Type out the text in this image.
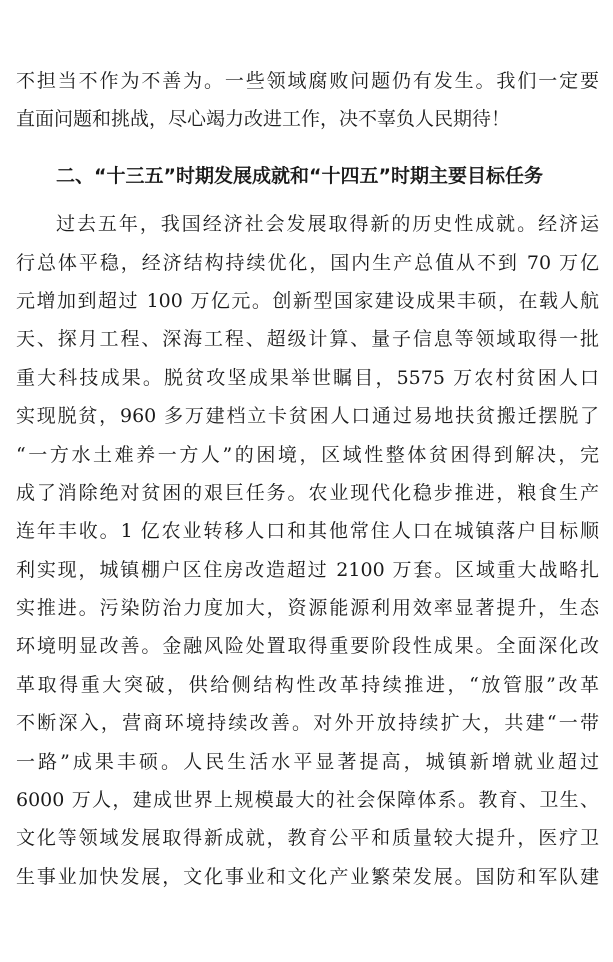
不担当不作为不善为。一些领域腐败问题仍有发生。我们一定要
直面问题和挑战，尽心竭力改进工作，决不辜负人民期待！
二、“十三五”时期发展成就和“十四五”时期主要目标任务
过去五年，我国经济社会发展取得新的历史性成就。经济运
行总体平稳，经济结构持续优化，国内生产总值从不到 70 万亿
元增加到超过 100 万亿元。创新型国家建设成果丰硕，在载人航
天、探月工程、深海工程、超级计算、量子信息等领域取得一批
重大科技成果。脱贫攻坚成果举世瞩目，5575 万农村贫困人口
实现脱贫，960 多万建档立卡贫困人口通过易地扶贫搬迁摆脱了
“一方水土难养一方人”的困境，区域性整体贫困得到解决，完
成了消除绝对贫困的艰巨任务。农业现代化稳步推进，粮食生产
连年丰收。1 亿农业转移人口和其他常住人口在城镇落户目标顺
利实现，城镇棚户区住房改造超过 2100 万套。区域重大战略扎
实推进。污染防治力度加大，资源能源利用效率显著提升，生态
环境明显改善。金融风险处置取得重要阶段性成果。全面深化改
革取得重大突破，供给侧结构性改革持续推进，“放管服”改革
不断深入，营商环境持续改善。对外开放持续扩大，共建“一带
一路”成果丰硕。人民生活水平显著提高，城镇新增就业超过
6000 万人，建成世界上规模最大的社会保障体系。教育、卫生、
文化等领域发展取得新成就，教育公平和质量较大提升，医疗卫
生事业加快发展，文化事业和文化产业繁荣发展。国防和军队建
